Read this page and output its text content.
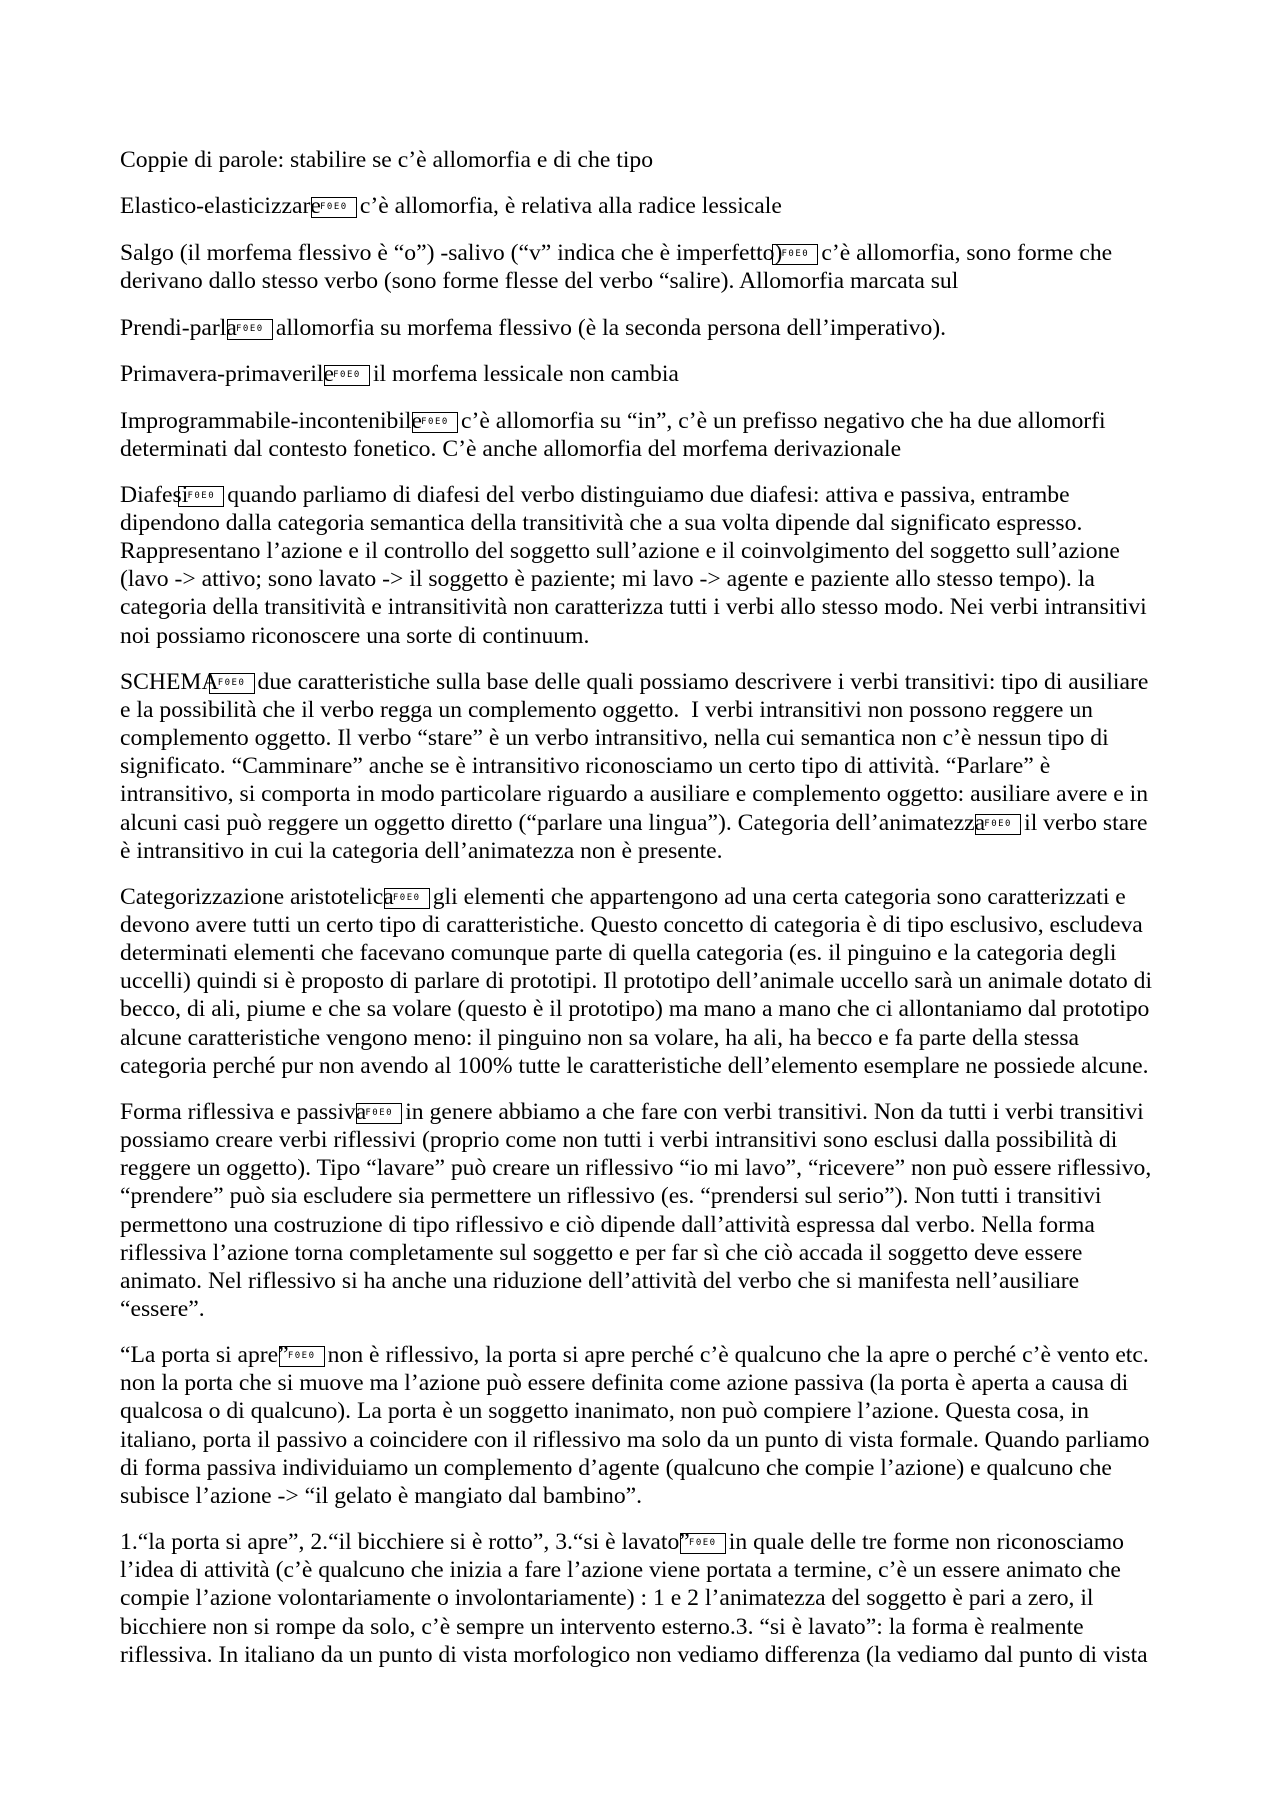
Coppie di parole: stabilire se c’è allomorfia e di che tipo

Elastico-elasticizzareF0E0 c’è allomorfia, è relativa alla radice lessicale

Salgo (il morfema flessivo è “o”) -salivo (“v” indica che è imperfetto)F0E0 c’è allomorfia, sono forme che
derivano dallo stesso verbo (sono forme flesse del verbo “salire). Allomorfia marcata sul

Prendi-parlaF0E0 allomorfia su morfema flessivo (è la seconda persona dell’imperativo).

Primavera-primaverileF0E0 il morfema lessicale non cambia

Improgrammabile-incontenibileF0E0 c’è allomorfia su “in”, c’è un prefisso negativo che ha due allomorfi
determinati dal contesto fonetico. C’è anche allomorfia del morfema derivazionale

DiafesiF0E0 quando parliamo di diafesi del verbo distinguiamo due diafesi: attiva e passiva, entrambe
dipendono dalla categoria semantica della transitività che a sua volta dipende dal significato espresso.
Rappresentano l’azione e il controllo del soggetto sull’azione e il coinvolgimento del soggetto sull’azione
(lavo -> attivo; sono lavato -> il soggetto è paziente; mi lavo -> agente e paziente allo stesso tempo). la
categoria della transitività e intransitività non caratterizza tutti i verbi allo stesso modo. Nei verbi intransitivi
noi possiamo riconoscere una sorte di continuum.

SCHEMAF0E0 due caratteristiche sulla base delle quali possiamo descrivere i verbi transitivi: tipo di ausiliare
e la possibilità che il verbo regga un complemento oggetto.  I verbi intransitivi non possono reggere un
complemento oggetto. Il verbo “stare” è un verbo intransitivo, nella cui semantica non c’è nessun tipo di
significato. “Camminare” anche se è intransitivo riconosciamo un certo tipo di attività. “Parlare” è
intransitivo, si comporta in modo particolare riguardo a ausiliare e complemento oggetto: ausiliare avere e in
alcuni casi può reggere un oggetto diretto (“parlare una lingua”). Categoria dell’animatezzaF0E0 il verbo stare
è intransitivo in cui la categoria dell’animatezza non è presente.

Categorizzazione aristotelicaF0E0 gli elementi che appartengono ad una certa categoria sono caratterizzati e
devono avere tutti un certo tipo di caratteristiche. Questo concetto di categoria è di tipo esclusivo, escludeva
determinati elementi che facevano comunque parte di quella categoria (es. il pinguino e la categoria degli
uccelli) quindi si è proposto di parlare di prototipi. Il prototipo dell’animale uccello sarà un animale dotato di
becco, di ali, piume e che sa volare (questo è il prototipo) ma mano a mano che ci allontaniamo dal prototipo
alcune caratteristiche vengono meno: il pinguino non sa volare, ha ali, ha becco e fa parte della stessa
categoria perché pur non avendo al 100% tutte le caratteristiche dell’elemento esemplare ne possiede alcune.

Forma riflessiva e passivaF0E0 in genere abbiamo a che fare con verbi transitivi. Non da tutti i verbi transitivi
possiamo creare verbi riflessivi (proprio come non tutti i verbi intransitivi sono esclusi dalla possibilità di
reggere un oggetto). Tipo “lavare” può creare un riflessivo “io mi lavo”, “ricevere” non può essere riflessivo,
“prendere” può sia escludere sia permettere un riflessivo (es. “prendersi sul serio”). Non tutti i transitivi
permettono una costruzione di tipo riflessivo e ciò dipende dall’attività espressa dal verbo. Nella forma
riflessiva l’azione torna completamente sul soggetto e per far sì che ciò accada il soggetto deve essere
animato. Nel riflessivo si ha anche una riduzione dell’attività del verbo che si manifesta nell’ausiliare
“essere”.

“La porta si apre”F0E0 non è riflessivo, la porta si apre perché c’è qualcuno che la apre o perché c’è vento etc.
non la porta che si muove ma l’azione può essere definita come azione passiva (la porta è aperta a causa di
qualcosa o di qualcuno). La porta è un soggetto inanimato, non può compiere l’azione. Questa cosa, in
italiano, porta il passivo a coincidere con il riflessivo ma solo da un punto di vista formale. Quando parliamo
di forma passiva individuiamo un complemento d’agente (qualcuno che compie l’azione) e qualcuno che
subisce l’azione -> “il gelato è mangiato dal bambino”.

1.“la porta si apre”, 2.“il bicchiere si è rotto”, 3.“si è lavato”F0E0 in quale delle tre forme non riconosciamo
l’idea di attività (c’è qualcuno che inizia a fare l’azione viene portata a termine, c’è un essere animato che
compie l’azione volontariamente o involontariamente) : 1 e 2 l’animatezza del soggetto è pari a zero, il
bicchiere non si rompe da solo, c’è sempre un intervento esterno.3. “si è lavato”: la forma è realmente
riflessiva. In italiano da un punto di vista morfologico non vediamo differenza (la vediamo dal punto di vista
